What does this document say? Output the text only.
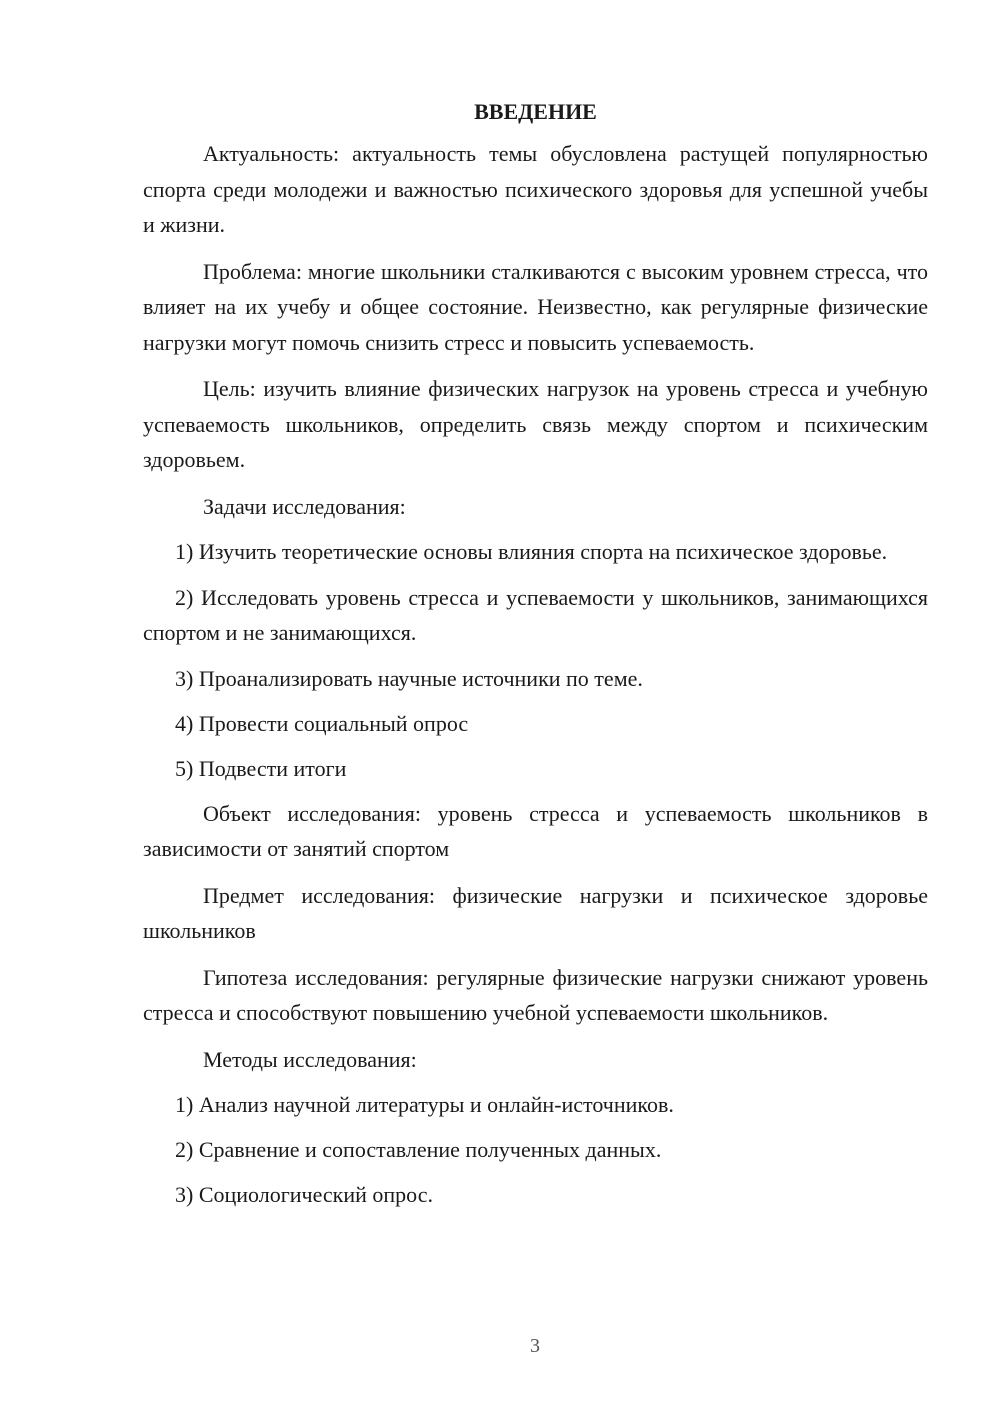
ВВЕДЕНИЕ

Актуальность: актуальность темы обусловлена растущей популярностью спорта среди молодежи и важностью психического здоровья для успешной учебы и жизни.

Проблема: многие школьники сталкиваются с высоким уровнем стресса, что влияет на их учебу и общее состояние. Неизвестно, как регулярные физические нагрузки могут помочь снизить стресс и повысить успеваемость.

Цель: изучить влияние физических нагрузок на уровень стресса и учебную успеваемость школьников, определить связь между спортом и психическим здоровьем.

Задачи исследования:

1) Изучить теоретические основы влияния спорта на психическое здоровье.

2) Исследовать уровень стресса и успеваемости у школьников, занимающихся спортом и не занимающихся.

3) Проанализировать научные источники по теме.

4) Провести социальный опрос

5) Подвести итоги

Объект исследования: уровень стресса и успеваемость школьников в зависимости от занятий спортом

Предмет исследования: физические нагрузки и психическое здоровье школьников

Гипотеза исследования: регулярные физические нагрузки снижают уровень стресса и способствуют повышению учебной успеваемости школьников.

Методы исследования:

1) Анализ научной литературы и онлайн-источников.

2) Сравнение и сопоставление полученных данных.

3) Социологический опрос.

3
